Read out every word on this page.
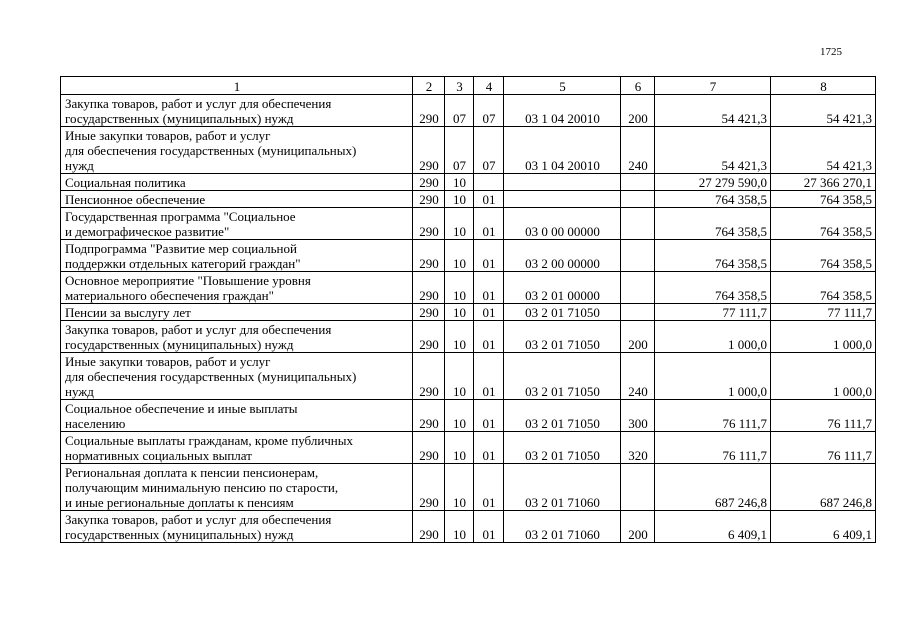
1725
1	2	3	4	5	6	7	8
Закупка товаров, работ и услуг для обеспечения
государственных (муниципальных) нужд	290	07	07	03 1 04 20010	200	54 421,3	54 421,3
Иные закупки товаров, работ и услуг
для обеспечения государственных (муниципальных)
нужд	290	07	07	03 1 04 20010	240	54 421,3	54 421,3
Социальная политика	290	10				27 279 590,0	27 366 270,1
Пенсионное обеспечение	290	10	01			764 358,5	764 358,5
Государственная программа "Социальное
и демографическое развитие"	290	10	01	03 0 00 00000		764 358,5	764 358,5
Подпрограмма "Развитие мер социальной
поддержки отдельных категорий граждан"	290	10	01	03 2 00 00000		764 358,5	764 358,5
Основное мероприятие "Повышение уровня
материального обеспечения граждан"	290	10	01	03 2 01 00000		764 358,5	764 358,5
Пенсии за выслугу лет	290	10	01	03 2 01 71050		77 111,7	77 111,7
Закупка товаров, работ и услуг для обеспечения
государственных (муниципальных) нужд	290	10	01	03 2 01 71050	200	1 000,0	1 000,0
Иные закупки товаров, работ и услуг
для обеспечения государственных (муниципальных)
нужд	290	10	01	03 2 01 71050	240	1 000,0	1 000,0
Социальное обеспечение и иные выплаты
населению	290	10	01	03 2 01 71050	300	76 111,7	76 111,7
Социальные выплаты гражданам, кроме публичных
нормативных социальных выплат	290	10	01	03 2 01 71050	320	76 111,7	76 111,7
Региональная доплата к пенсии пенсионерам,
получающим минимальную пенсию по старости,
и иные региональные доплаты к пенсиям	290	10	01	03 2 01 71060		687 246,8	687 246,8
Закупка товаров, работ и услуг для обеспечения
государственных (муниципальных) нужд	290	10	01	03 2 01 71060	200	6 409,1	6 409,1
